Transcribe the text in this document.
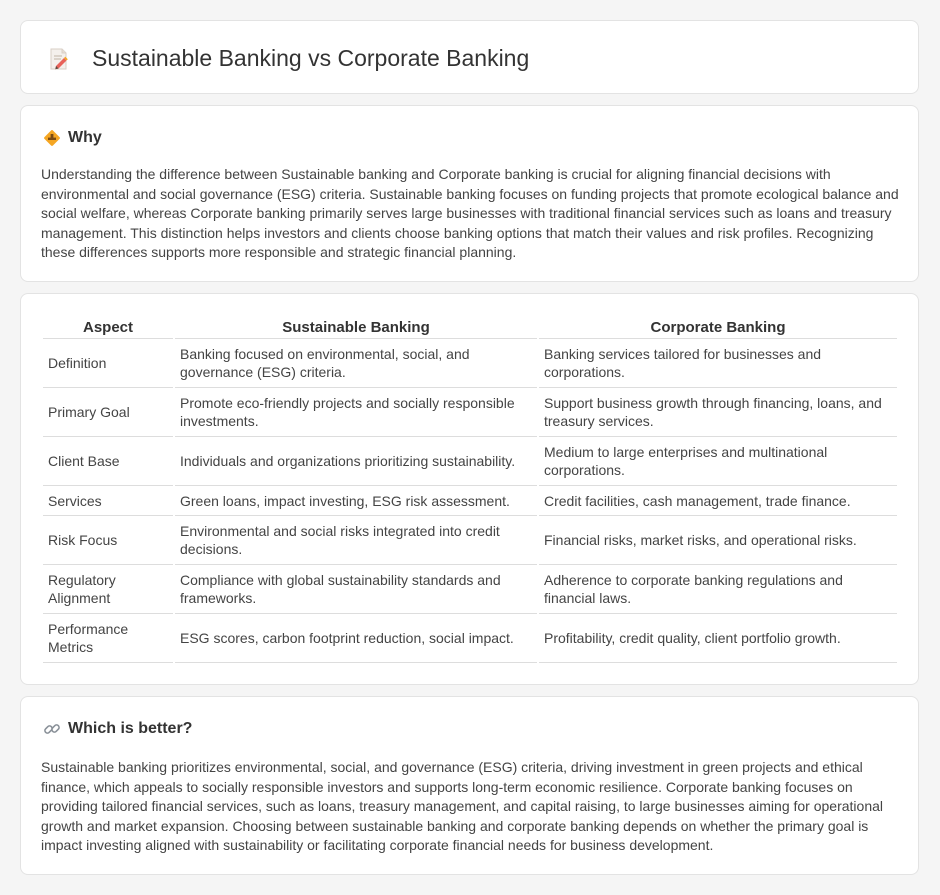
Sustainable Banking vs Corporate Banking
Why

Understanding the difference between Sustainable banking and Corporate banking is crucial for aligning financial decisions with environmental and social governance (ESG) criteria. Sustainable banking focuses on funding projects that promote ecological balance and social welfare, whereas Corporate banking primarily serves large businesses with traditional financial services such as loans and treasury management. This distinction helps investors and clients choose banking options that match their values and risk profiles. Recognizing these differences supports more responsible and strategic financial planning.

Aspect	Sustainable Banking	Corporate Banking
Definition	Banking focused on environmental, social, and governance (ESG) criteria.	Banking services tailored for businesses and corporations.
Primary Goal	Promote eco-friendly projects and socially responsible investments.	Support business growth through financing, loans, and treasury services.
Client Base	Individuals and organizations prioritizing sustainability.	Medium to large enterprises and multinational corporations.
Services	Green loans, impact investing, ESG risk assessment.	Credit facilities, cash management, trade finance.
Risk Focus	Environmental and social risks integrated into credit decisions.	Financial risks, market risks, and operational risks.
Regulatory Alignment	Compliance with global sustainability standards and frameworks.	Adherence to corporate banking regulations and financial laws.
Performance Metrics	ESG scores, carbon footprint reduction, social impact.	Profitability, credit quality, client portfolio growth.
Which is better?

Sustainable banking prioritizes environmental, social, and governance (ESG) criteria, driving investment in green projects and ethical finance, which appeals to socially responsible investors and supports long-term economic resilience. Corporate banking focuses on providing tailored financial services, such as loans, treasury management, and capital raising, to large businesses aiming for operational growth and market expansion. Choosing between sustainable banking and corporate banking depends on whether the primary goal is impact investing aligned with sustainability or facilitating corporate financial needs for business development.
